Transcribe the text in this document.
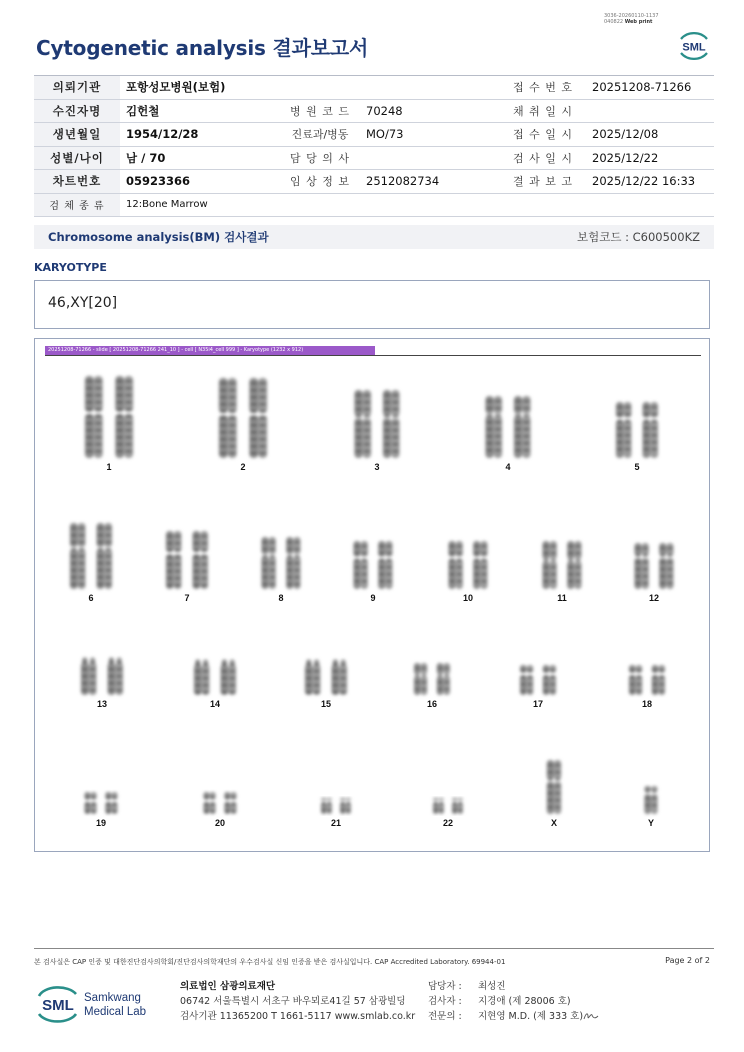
3036-20260110-1137
040822 Web print
Cytogenetic analysis 결과보고서	SML
의뢰기관	포항성모병원(보험)			접 수 번 호	20251208-71266
수진자명	김헌철	병 원 코 드	70248	채 취 일 시	
생년월일	1954/12/28	진료과/병동	MO/73	접 수 일 시	2025/12/08
성별/나이	남 / 70	담 당 의 사		검 사 일 시	2025/12/22
차트번호	05923366	임 상 정 보	2512082734	결 과 보 고	2025/12/22 16:33
검 체 종 류	12:Bone Marrow				
Chromosome analysis(BM) 검사결과	보험코드 : C600500KZ
KARYOTYPE
46,XY[20]
20251208-71266 - slide [ 20251208-71266 241_10 ] - cell [ N35i4_cell 999 ] - Karyotype (1232 x 912)
1	2	3	4	5
6	7	8	9	10	11	12
13	14	15	16	17	18
19	20	21	22	X	Y
본 검사실은 CAP 인증 및 대한진단검사의학회/진단검사의학재단의 우수검사실 신임 인증을 받은 검사실입니다. CAP Accredited Laboratory. 69944-01	Page 2 of 2
SML Samkwang
Medical Lab
의료법인 삼광의료재단
06742 서울특별시 서초구 바우뫼로41길 57 삼광빌딩
검사기관 11365200 T 1661-5117 www.smlab.co.kr
담당자 :	최성진
검사자 :	지경애 (제 28006 호)
전문의 :	지현영 M.D. (제 333 호)
